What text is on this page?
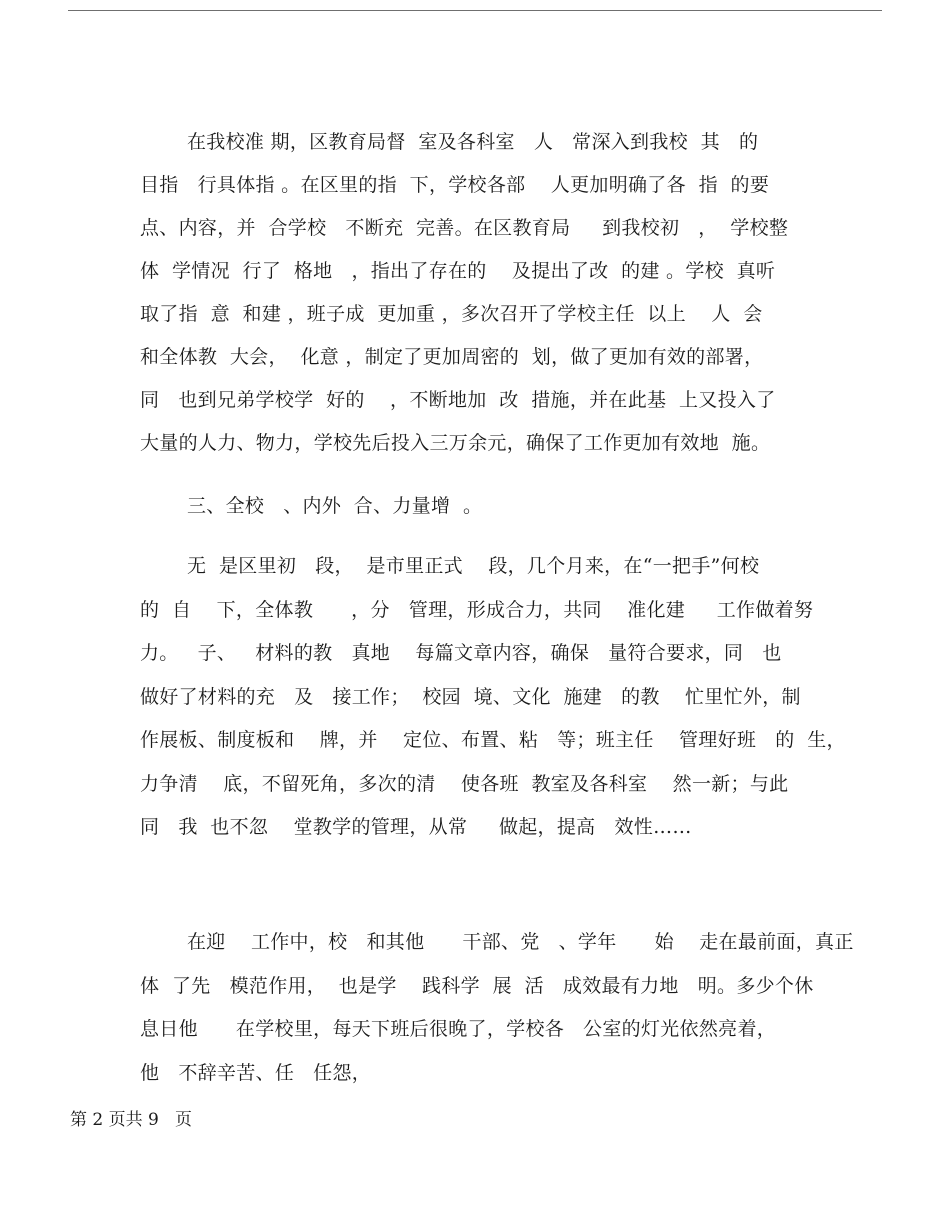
在我校准 期，区教育局督  室及各科室   人   常深入到我校  其   的
目指   行具体指 。在区里的指  下，学校各部    人更加明确了各  指  的要
点、内容，并  合学校   不断充  完善。在区教育局     到我校初   ，  学校整
体  学情况  行了  格地   ，指出了存在的    及提出了改  的建 。学校  真听
取了指  意  和建 ，班子成  更加重 ，多次召开了学校主任  以上    人  会
和全体教  大会，  化意 ，制定了更加周密的  划，做了更加有效的部署，
同   也到兄弟学校学  好的    ，不断地加  改  措施，并在此基  上又投入了
大量的人力、物力，学校先后投入三万余元，确保了工作更加有效地  施。
三、全校   、内外  合、力量增  。
无  是区里初   段，  是市里正式    段，几个月来，在“一把手”何校
的  自    下，全体教      ，分   管理，形成合力，共同    准化建     工作做着努
力。   子、   材料的教   真地    每篇文章内容，确保   量符合要求，同   也
做好了材料的充   及   接工作；  校园  境、文化  施建   的教    忙里忙外，制
作展板、制度板和    牌，并    定位、布置、粘   等；班主任    管理好班   的  生，
力争清    底，不留死角，多次的清    使各班  教室及各科室    然一新；与此
同   我  也不忽    堂教学的管理，从常     做起，提高   效性……
在迎    工作中，校   和其他      干部、党   、学年      始    走在最前面，真正
体  了先   模范作用，  也是学    践科学  展  活   成效最有力地   明。多少个休
息日他      在学校里，每天下班后很晚了，学校各   公室的灯光依然亮着，
他   不辞辛苦、任   任怨，
第 2 页共 9   页
